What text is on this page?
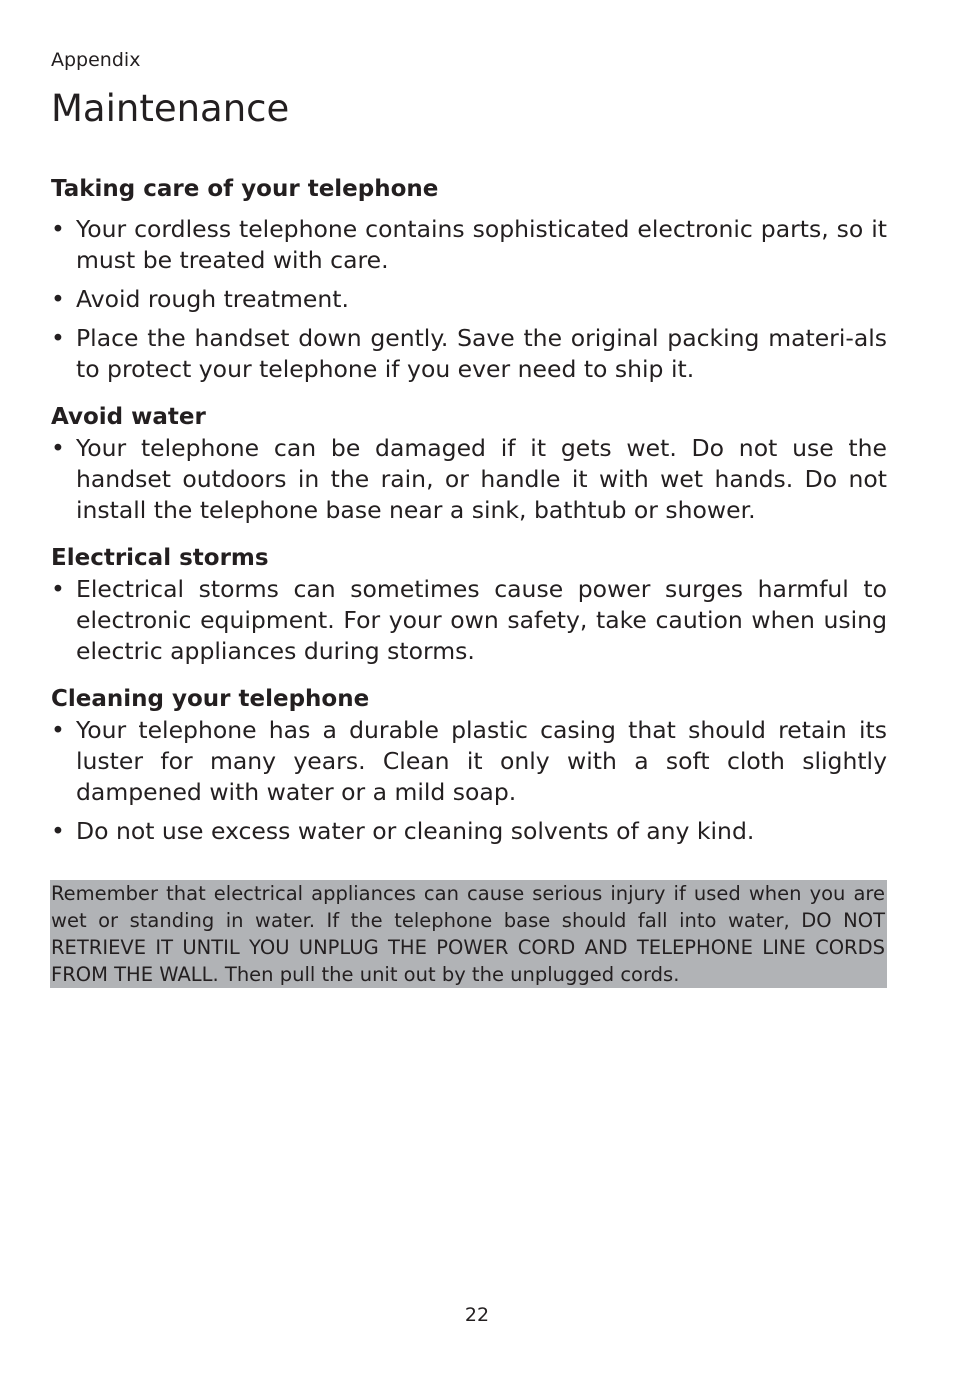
Appendix
Maintenance
Taking care of your telephone
• Your cordless telephone contains sophisticated electronic parts, so it must be treated with care.
• Avoid rough treatment.
• Place the handset down gently. Save the original packing materi-als to protect your telephone if you ever need to ship it.
Avoid water
• Your telephone can be damaged if it gets wet. Do not use the handset outdoors in the rain, or handle it with wet hands. Do not install the telephone base near a sink, bathtub or shower.
Electrical storms
• Electrical storms can sometimes cause power surges harmful to electronic equipment. For your own safety, take caution when using electric appliances during storms.
Cleaning your telephone
• Your telephone has a durable plastic casing that should retain its luster for many years. Clean it only with a soft cloth slightly dampened with water or a mild soap.
• Do not use excess water or cleaning solvents of any kind.
Remember that electrical appliances can cause serious injury if used when you are wet or standing in water. If the telephone base should fall into water, DO NOT RETRIEVE IT UNTIL YOU UNPLUG THE POWER CORD AND TELEPHONE LINE CORDS FROM THE WALL. Then pull the unit out by the unplugged cords.
22
